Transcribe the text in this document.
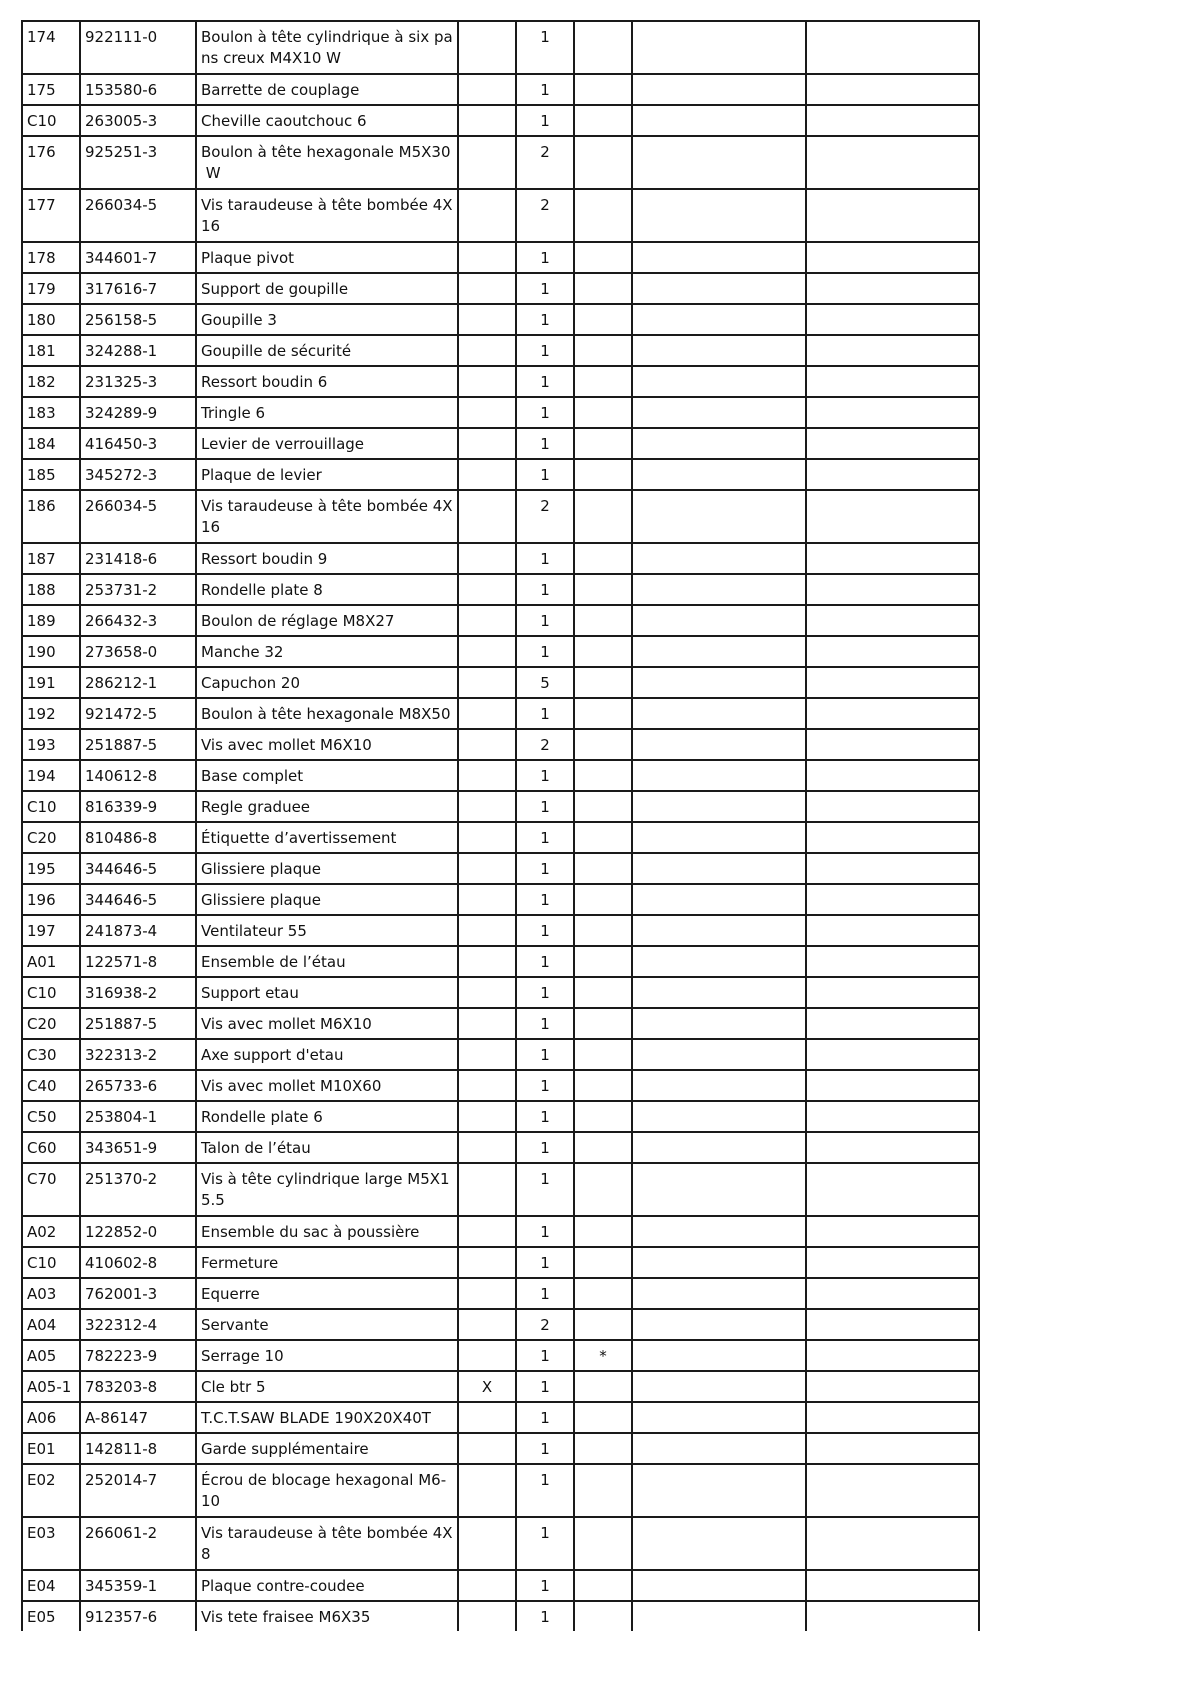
174	922111-0	Boulon à tête cylindrique à six pa
ns creux M4X10 W		1			
175	153580-6	Barrette de couplage		1			
C10	263005-3	Cheville caoutchouc 6		1			
176	925251-3	Boulon à tête hexagonale M5X30
W		2			
177	266034-5	Vis taraudeuse à tête bombée 4X
16		2			
178	344601-7	Plaque pivot		1			
179	317616-7	Support de goupille		1			
180	256158-5	Goupille 3		1			
181	324288-1	Goupille de sécurité		1			
182	231325-3	Ressort boudin 6		1			
183	324289-9	Tringle 6		1			
184	416450-3	Levier de verrouillage		1			
185	345272-3	Plaque de levier		1			
186	266034-5	Vis taraudeuse à tête bombée 4X
16		2			
187	231418-6	Ressort boudin 9		1			
188	253731-2	Rondelle plate 8		1			
189	266432-3	Boulon de réglage M8X27		1			
190	273658-0	Manche 32		1			
191	286212-1	Capuchon 20		5			
192	921472-5	Boulon à tête hexagonale M8X50		1			
193	251887-5	Vis avec mollet M6X10		2			
194	140612-8	Base complet		1			
C10	816339-9	Regle graduee		1			
C20	810486-8	Étiquette d’avertissement		1			
195	344646-5	Glissiere plaque		1			
196	344646-5	Glissiere plaque		1			
197	241873-4	Ventilateur 55		1			
A01	122571-8	Ensemble de l’étau		1			
C10	316938-2	Support etau		1			
C20	251887-5	Vis avec mollet M6X10		1			
C30	322313-2	Axe support d'etau		1			
C40	265733-6	Vis avec mollet M10X60		1			
C50	253804-1	Rondelle plate 6		1			
C60	343651-9	Talon de l’étau		1			
C70	251370-2	Vis à tête cylindrique large M5X1
5.5		1			
A02	122852-0	Ensemble du sac à poussière		1			
C10	410602-8	Fermeture		1			
A03	762001-3	Equerre		1			
A04	322312-4	Servante		2			
A05	782223-9	Serrage 10		1	*		
A05-1	783203-8	Cle btr 5	X	1			
A06	A-86147	T.C.T.SAW BLADE 190X20X40T		1			
E01	142811-8	Garde supplémentaire		1			
E02	252014-7	Écrou de blocage hexagonal M6-
10		1			
E03	266061-2	Vis taraudeuse à tête bombée 4X
8		1			
E04	345359-1	Plaque contre-coudee		1			
E05	912357-6	Vis tete fraisee M6X35		1			
